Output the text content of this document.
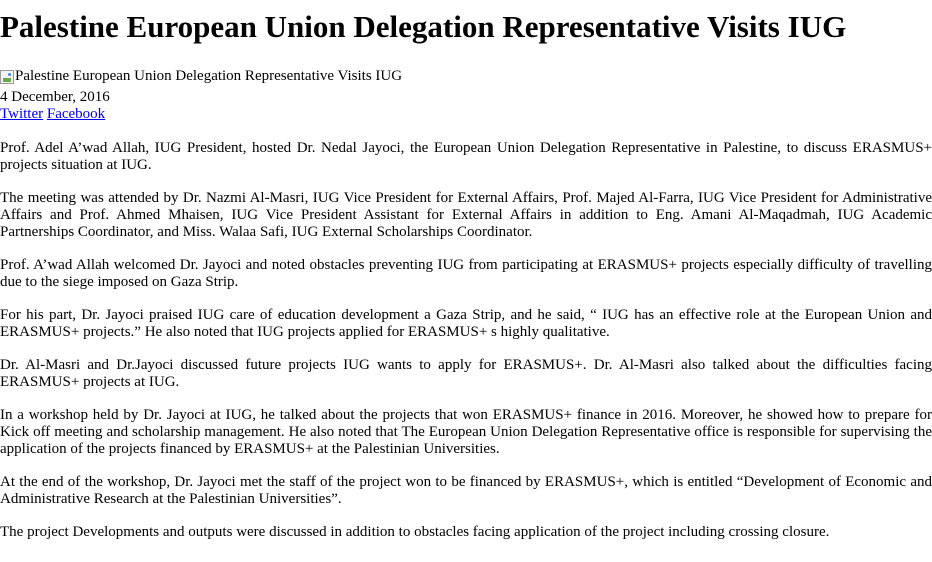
Palestine European Union Delegation Representative Visits IUG
Palestine European Union Delegation Representative Visits IUG
4 December, 2016
Twitter Facebook

Prof. Adel A’wad Allah, IUG President, hosted Dr. Nedal Jayoci, the European Union Delegation Representative in Palestine, to discuss ERASMUS+ projects situation at IUG.

The meeting was attended by Dr. Nazmi Al-Masri, IUG Vice President for External Affairs, Prof. Majed Al-Farra, IUG Vice President for Administrative Affairs and Prof. Ahmed Mhaisen, IUG Vice President Assistant for External Affairs in addition to Eng. Amani Al-Maqadmah, IUG Academic Partnerships Coordinator, and Miss. Walaa Safi, IUG External Scholarships Coordinator.

Prof. A’wad Allah welcomed Dr. Jayoci and noted obstacles preventing IUG from participating at ERASMUS+ projects especially difficulty of travelling due to the siege imposed on Gaza Strip.

For his part, Dr. Jayoci praised IUG care of education development a Gaza Strip, and he said, “ IUG has an effective role at the European Union and ERASMUS+ projects.” He also noted that IUG projects applied for ERASMUS+ s highly qualitative.

Dr. Al-Masri and Dr.Jayoci discussed future projects IUG wants to apply for ERASMUS+. Dr. Al-Masri also talked about the difficulties facing ERASMUS+ projects at IUG.

In a workshop held by Dr. Jayoci at IUG, he talked about the projects that won ERASMUS+ finance in 2016. Moreover, he showed how to prepare for Kick off meeting and scholarship management. He also noted that The European Union Delegation Representative office is responsible for supervising the application of the projects financed by ERASMUS+ at the Palestinian Universities.

At the end of the workshop, Dr. Jayoci met the staff of the project won to be financed by ERASMUS+, which is entitled “Development of Economic and Administrative Research at the Palestinian Universities”.

The project Developments and outputs were discussed in addition to obstacles facing application of the project including crossing closure.
